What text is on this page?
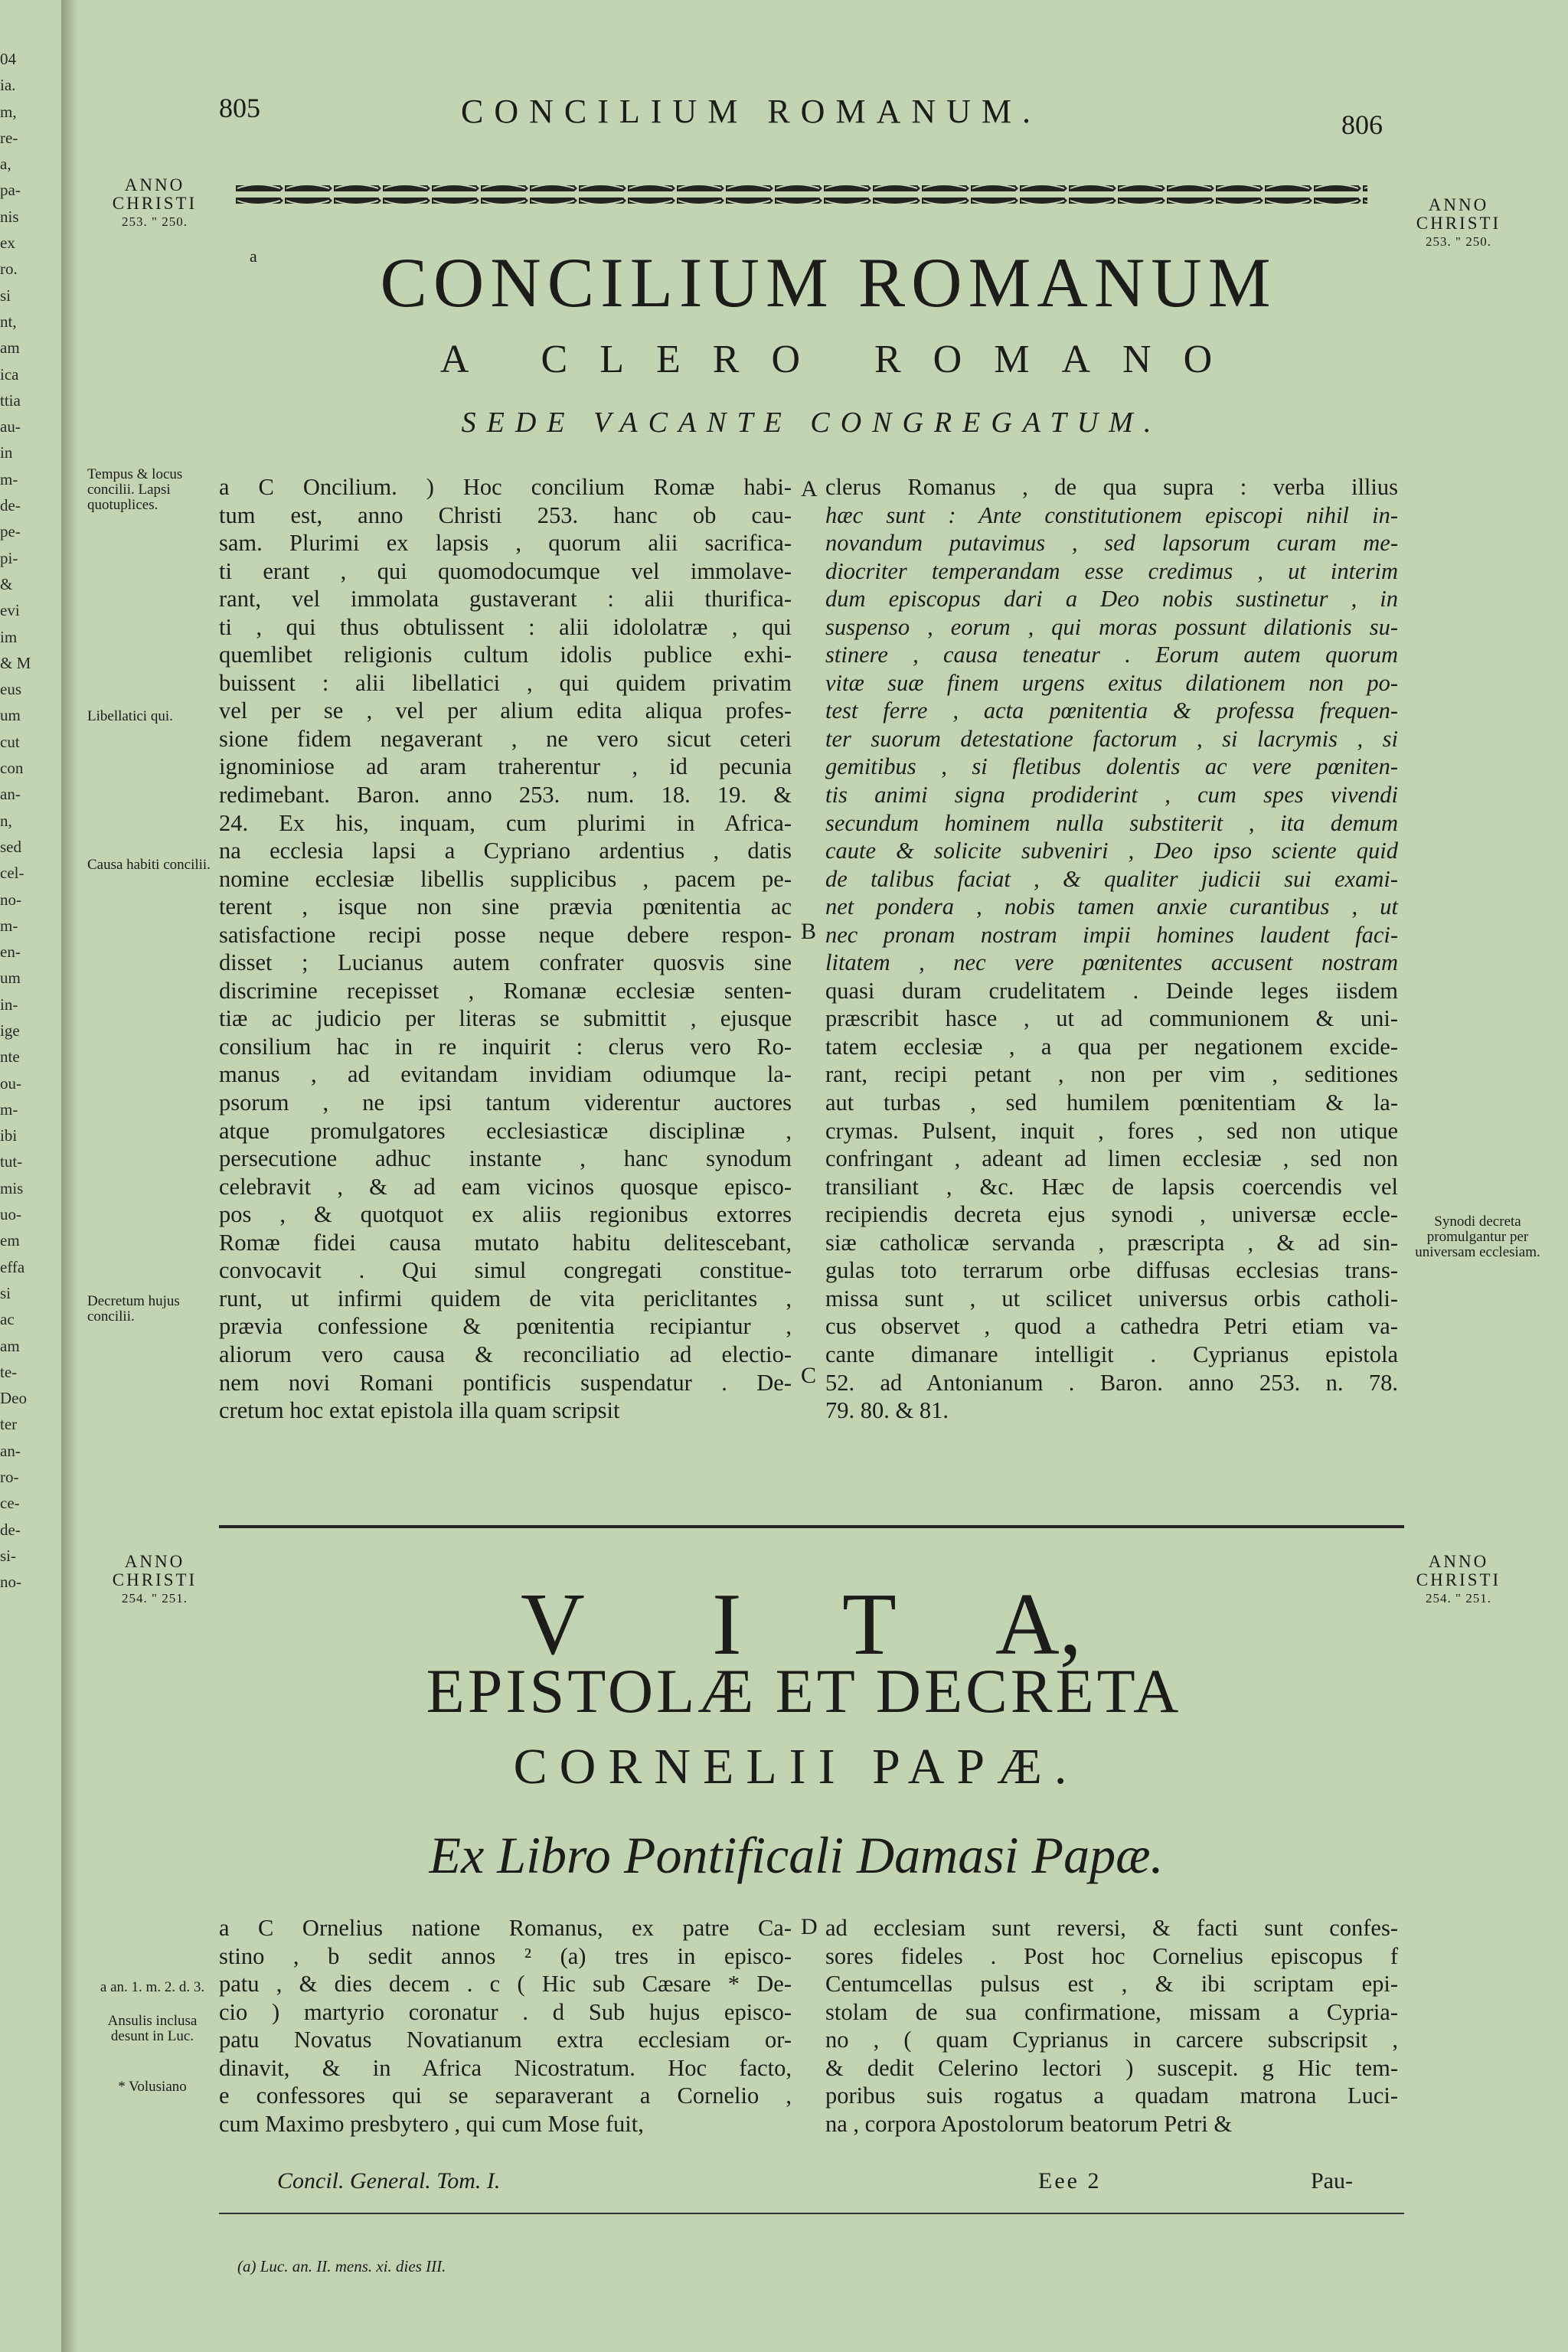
04
ia.
m,
re-
a,
pa-
nis
ex
ro.
si
nt,
am
ica
ttia
au-
in
m-
de-
pe-
pi-
&
evi
im
& M
eus
um
cut
con
an-
n,
sed
cel-
no-
m-
en-
um
in-
ige
nte
ou-
m-
ibi
tut-
mis
uo-
em
effa
si
ac
am
te-
Deo
ter
an-
ro-
ce-
de-
si-
no-
805	CONCILIUM ROMANUM.	806
ANNO
CHRISTI
253. " 250.
ANNO
CHRISTI
253. " 250.
a	CONCILIUM ROMANUM
A CLERO ROMANO
SEDE VACANTE CONGREGATUM.
Tempus & locus concilii. Lapsi quotuplices.
Libellatici qui.
Causa habiti concilii.
Decretum hujus concilii.
Synodi decreta promulgantur per universam ecclesiam.
A
B
C
a C Oncilium. ) Hoc concilium Romæ habi-
tum est, anno Christi 253. hanc ob cau-
sam. Plurimi ex lapsis , quorum alii sacrifica-
ti erant , qui quomodocumque vel immolave-
rant, vel immolata gustaverant : alii thurifica-
ti , qui thus obtulissent : alii idololatræ , qui
quemlibet religionis cultum idolis publice exhi-
buissent : alii libellatici , qui quidem privatim
vel per se , vel per alium edita aliqua profes-
sione fidem negaverant , ne vero sicut ceteri
ignominiose ad aram traherentur , id pecunia
redimebant. Baron. anno 253. num. 18. 19. &
24. Ex his, inquam, cum plurimi in Africa-
na ecclesia lapsi a Cypriano ardentius , datis
nomine ecclesiæ libellis supplicibus , pacem pe-
terent , isque non sine prævia pœnitentia ac
satisfactione recipi posse neque debere respon-
disset ; Lucianus autem confrater quosvis sine
discrimine recepisset , Romanæ ecclesiæ senten-
tiæ ac judicio per literas se submittit , ejusque
consilium hac in re inquirit : clerus vero Ro-
manus , ad evitandam invidiam odiumque la-
psorum , ne ipsi tantum viderentur auctores
atque promulgatores ecclesiasticæ disciplinæ ,
persecutione adhuc instante , hanc synodum
celebravit , & ad eam vicinos quosque episco-
pos , & quotquot ex aliis regionibus extorres
Romæ fidei causa mutato habitu delitescebant,
convocavit . Qui simul congregati constitue-
runt, ut infirmi quidem de vita periclitantes ,
prævia confessione & pœnitentia recipiantur ,
aliorum vero causa & reconciliatio ad electio-
nem novi Romani pontificis suspendatur . De-
cretum hoc extat epistola illa quam scripsit
clerus Romanus , de qua supra : verba illius
hæc sunt : Ante constitutionem episcopi nihil in-
novandum putavimus , sed lapsorum curam me-
diocriter temperandam esse credimus , ut interim
dum episcopus dari a Deo nobis sustinetur , in
suspenso , eorum , qui moras possunt dilationis su-
stinere , causa teneatur . Eorum autem quorum
vitæ suæ finem urgens exitus dilationem non po-
test ferre , acta pœnitentia & professa frequen-
ter suorum detestatione factorum , si lacrymis , si
gemitibus , si fletibus dolentis ac vere pœniten-
tis animi signa prodiderint , cum spes vivendi
secundum hominem nulla substiterit , ita demum
caute & solicite subveniri , Deo ipso sciente quid
de talibus faciat , & qualiter judicii sui exami-
net pondera , nobis tamen anxie curantibus , ut
nec pronam nostram impii homines laudent faci-
litatem , nec vere pœnitentes accusent nostram
quasi duram crudelitatem . Deinde leges iisdem
præscribit hasce , ut ad communionem & uni-
tatem ecclesiæ , a qua per negationem excide-
rant, recipi petant , non per vim , seditiones
aut turbas , sed humilem pœnitentiam & la-
crymas. Pulsent, inquit , fores , sed non utique
confringant , adeant ad limen ecclesiæ , sed non
transiliant , &c. Hæc de lapsis coercendis vel
recipiendis decreta ejus synodi , universæ eccle-
siæ catholicæ servanda , præscripta , & ad sin-
gulas toto terrarum orbe diffusas ecclesias trans-
missa sunt , ut scilicet universus orbis catholi-
cus observet , quod a cathedra Petri etiam va-
cante dimanare intelligit . Cyprianus epistola
52. ad Antonianum . Baron. anno 253. n. 78.
79. 80. & 81.
ANNO
CHRISTI
254. " 251.
ANNO
CHRISTI
254. " 251.
V I
T
A,
EPISTOLÆ ET DECRETA
CORNELII PAPÆ.
Ex Libro Pontificali Damasi Papæ.
a an. 1. m. 2. d. 3.
Ansulis inclusa desunt in Luc.
* Volusiano
D
a C Ornelius natione Romanus, ex patre Ca-
stino , b sedit annos ² (a) tres in episco-
patu , & dies decem . c ( Hic sub Cæsare * De-
cio ) martyrio coronatur . d Sub hujus episco-
patu Novatus Novatianum extra ecclesiam or-
dinavit, & in Africa Nicostratum. Hoc facto,
e confessores qui se separaverant a Cornelio ,
cum Maximo presbytero , qui cum Mose fuit,
ad ecclesiam sunt reversi, & facti sunt confes-
sores fideles . Post hoc Cornelius episcopus f
Centumcellas pulsus est , & ibi scriptam epi-
stolam de sua confirmatione, missam a Cypria-
no , ( quam Cyprianus in carcere subscripsit ,
& dedit Celerino lectori ) suscepit. g Hic tem-
poribus suis rogatus a quadam matrona Luci-
na , corpora Apostolorum beatorum Petri &
Concil. General. Tom. I.	Eee 2	Pau-
(a) Luc. an. II. mens. xi. dies III.
